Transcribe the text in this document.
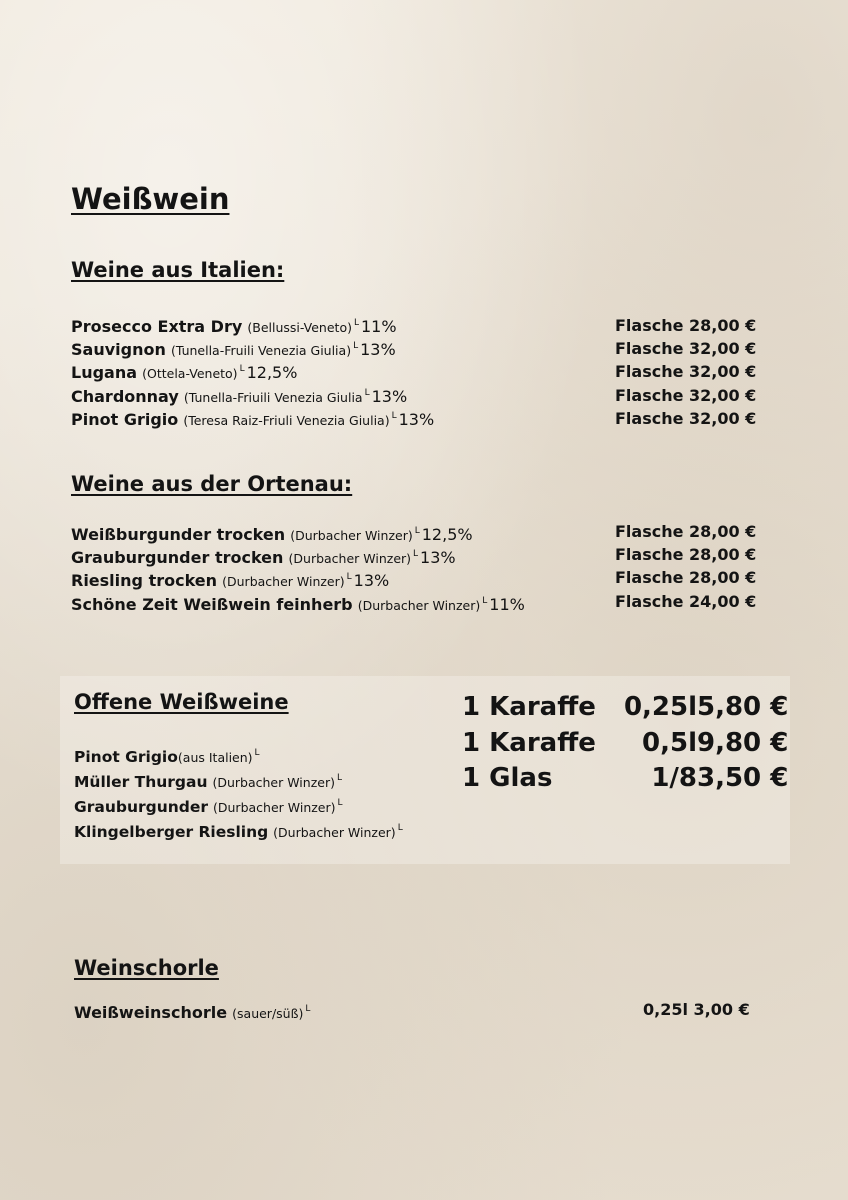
Weißwein
Weine aus Italien:
Prosecco Extra Dry (Bellussi-Veneto) $^L$ 11%
Sauvignon (Tunella-Fruili Venezia Giulia) $^L$ 13%
Lugana (Ottela-Veneto) $^L$ 12,5%
Chardonnay (Tunella-Friuili Venezia Giulia $^L$ 13%
Pinot Grigio (Teresa Raiz-Friuli Venezia Giulia) $^L$ 13%
Flasche 28,00 €
Flasche 32,00 €
Flasche 32,00 €
Flasche 32,00 €
Flasche 32,00 €
Weine aus der Ortenau:
Weißburgunder trocken (Durbacher Winzer) $^L$ 12,5%
Grauburgunder trocken (Durbacher Winzer) $^L$ 13%
Riesling trocken (Durbacher Winzer) $^L$ 13%
Schöne Zeit Weißwein feinherb (Durbacher Winzer) $^L$ 11%
Flasche 28,00 €
Flasche 28,00 €
Flasche 28,00 €
Flasche 24,00 €
Offene Weißweine
Pinot Grigio(aus Italien) $^L$
Müller Thurgau (Durbacher Winzer) $^L$
Grauburgunder (Durbacher Winzer) $^L$
Klingelberger Riesling (Durbacher Winzer) $^L$
1 Karaffe 0,25l5,80 €
1 Karaffe 0,5l9,80 €
1 Glas	1/83,50 €
Weinschorle
Weißweinschorle (sauer/süß) $^L$	0,25l 3,00 €
